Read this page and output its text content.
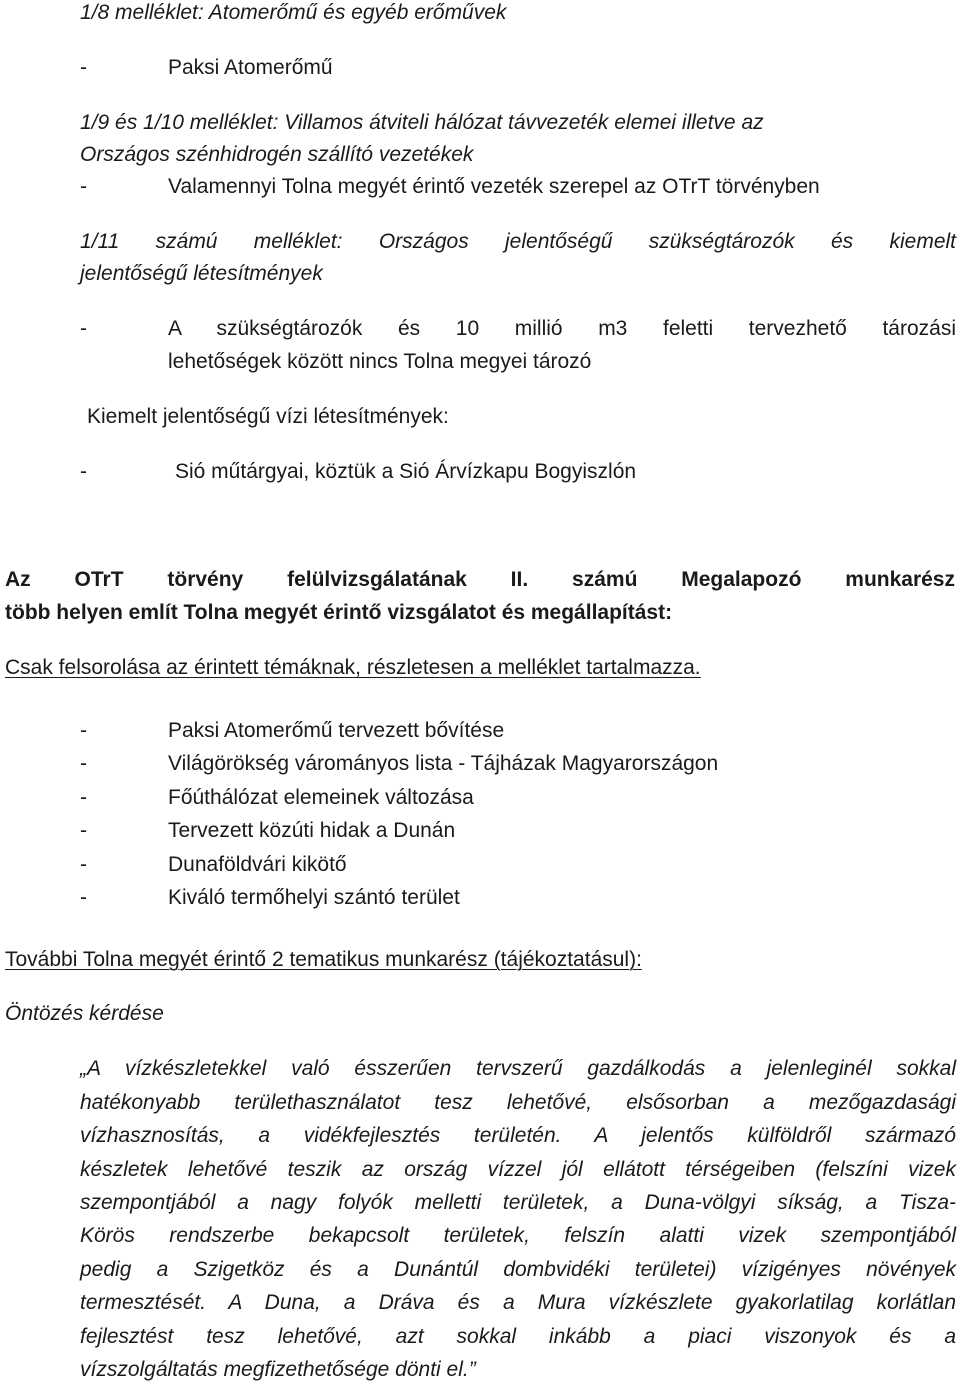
1/8 melléklet: Atomerőmű és egyéb erőművek
-	Paksi Atomerőmű
1/9 és 1/10 melléklet: Villamos átviteli hálózat távvezeték elemei illetve az
Országos szénhidrogén szállító vezetékek
-	Valamennyi Tolna megyét érintő vezeték szerepel az OTrT törvényben
1/11 számú melléklet: Országos jelentőségű szükségtározók és kiemelt
jelentőségű létesítmények
-	A szükségtározók és 10 millió m3 feletti tervezhető tározási
lehetőségek között nincs Tolna megyei tározó
Kiemelt jelentőségű vízi létesítmények:
-	Sió műtárgyai, köztük a Sió Árvízkapu Bogyiszlón
Az OTrT törvény felülvizsgálatának II. számú Megalapozó munkarész
több helyen említ Tolna megyét érintő vizsgálatot és megállapítást:
Csak felsorolása az érintett témáknak, részletesen a melléklet tartalmazza.
-	Paksi Atomerőmű tervezett bővítése
-	Világörökség várományos lista - Tájházak Magyarországon
-	Főúthálózat elemeinek változása
-	Tervezett közúti hidak a Dunán
-	Dunaföldvári kikötő
-	Kiváló termőhelyi szántó terület
További Tolna megyét érintő 2 tematikus munkarész (tájékoztatásul):
Öntözés kérdése
„A vízkészletekkel való ésszerűen tervszerű gazdálkodás a jelenleginél sokkal
hatékonyabb területhasználatot tesz lehetővé, elsősorban a mezőgazdasági
vízhasznosítás, a vidékfejlesztés területén. A jelentős külföldről származó
készletek lehetővé teszik az ország vízzel jól ellátott térségeiben (felszíni vizek
szempontjából a nagy folyók melletti területek, a Duna-völgyi síkság, a Tisza-
Körös rendszerbe bekapcsolt területek, felszín alatti vizek szempontjából
pedig a Szigetköz és a Dunántúl dombvidéki területei) vízigényes növények
termesztését. A Duna, a Dráva és a Mura vízkészlete gyakorlatilag korlátlan
fejlesztést tesz lehetővé, azt sokkal inkább a piaci viszonyok és a
vízszolgáltatás megfizethetősége dönti el.”
